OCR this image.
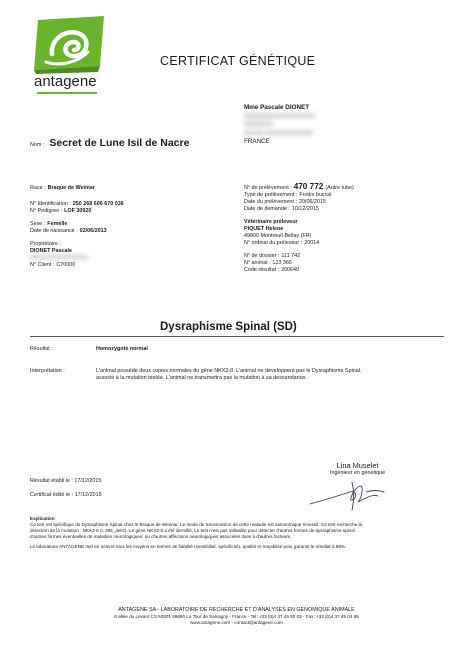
antagene
CERTIFICAT GÉNÉTIQUE
Mme Pascale DIONET
XXXXXXXXXXXXXXXXX
XXXXXXX
XXXXX XXXXXXXXXXX
FRANCE
Nom : Secret de Lune Isil de Nacre
Race : Braque de Weimar
N° Identification : 250 268 606 670 036
N° Pedigree : LOF 30920
Sexe : Femelle
Date de naissance : 02/06/2013
Propriétaire :
DIONET Pascale
XXXXXXXXXXXXXXXX
N° Client : C70000
N° de prélèvement : 470 772 (Autre tube)
Type de prélèvement : Frottis buccal
Date du prélèvement : 20/06/2015
Date de demande : 10/12/2015
Vétérinaire préleveur
PIQUET Helene
49800 Montreuil-Bellay (FR)
N° ordinal du préleveur : 20014
N° de dossier : 111 742
N° animal : 123 366
Code résultat : 200640
Dysraphisme Spinal (SD)
Résultat :	Homozygote normal
Interprétation :	L'animal possède deux copies normales du gène NKX2-8. L'animal ne développera pas le Dysraphisme Spinal.
associé à la mutation testée. L'animal ne transmettra pas la mutation à sa descendance.
Résultat établi le : 17/12/2015
Certificat édité le : 17/12/2015
Lina Muselet
Ingénieur en génétique
Explication
Ce test est spécifique du Dysraphisme Spinal chez le Braque de Weimar. Le mode de transmission de cette maladie est autosomique récessif. Ce test recherche la
détection de la mutation : NKX2-8 (c.395_delG). Le gène NKX2-8 a été identifié. Le test n'est pas utilisable pour détecter d'autres formes de dysraphisme spinal
d'autres formes éventuelles de maladies neurologiques, ou d'autres affections neurologiques associées dues à d'autres facteurs.
Le laboratoire ANTAGENE met en oeuvre tous les moyens en termes de fiabilité (sensibilité, spécificité), qualité et traçabilité pour garantir le résultat à 99%.
ANTAGENE SA - LABORATOIRE DE RECHERCHE ET D'ANALYSES EN GÉNOMIQUE ANIMALE
6 allée du Levant CS 60001 69890 La Tour de Salvagny - France - Tel: +33 (0)4 37 49 90 03 - Fax: +33 (0)4 37 49 04 89
www.antagene.com - contact@antagene.com
